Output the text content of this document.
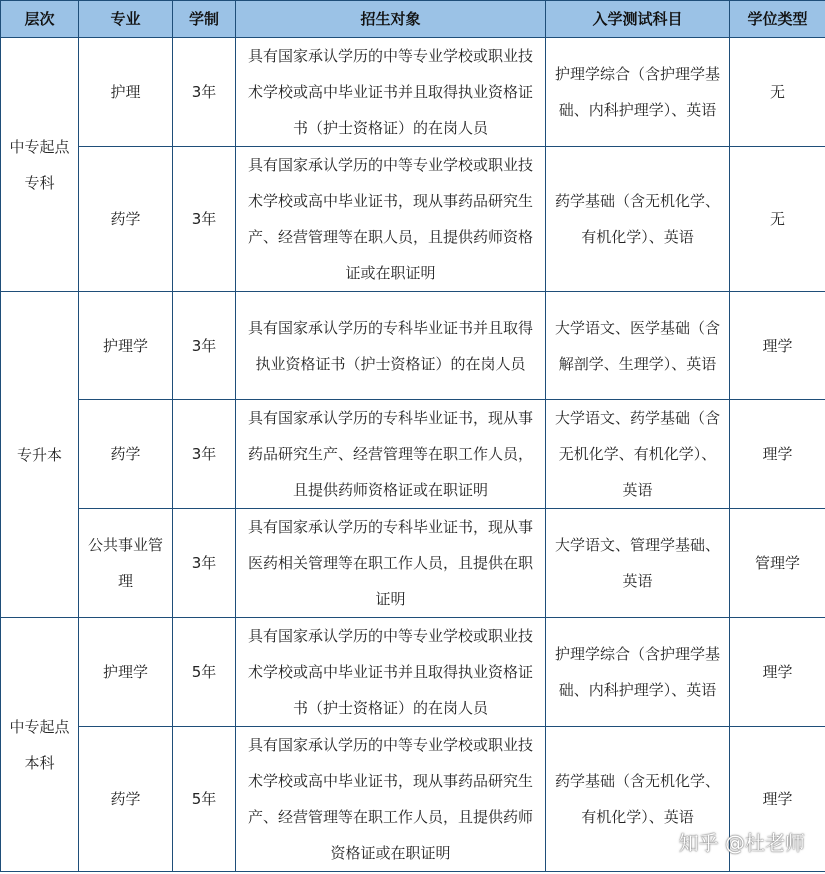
层次	专业	学制	招生对象	入学测试科目	学位类型
中专起点专科	护理	3年	具有国家承认学历的中等专业学校或职业技术学校或高中毕业证书并且取得执业资格证书（护士资格证）的在岗人员	护理学综合（含护理学基础、内科护理学）、英语	无
	药学	3年	具有国家承认学历的中等专业学校或职业技术学校或高中毕业证书，现从事药品研究生产、经营管理等在职人员，且提供药师资格证或在职证明	药学基础（含无机化学、有机化学）、英语	无
专升本	护理学	3年	具有国家承认学历的专科毕业证书并且取得执业资格证书（护士资格证）的在岗人员	大学语文、医学基础（含解剖学、生理学）、英语	理学
	药学	3年	具有国家承认学历的专科毕业证书，现从事药品研究生产、经营管理等在职工作人员，且提供药师资格证或在职证明	大学语文、药学基础（含无机化学、有机化学）、英语	理学
	公共事业管理	3年	具有国家承认学历的专科毕业证书，现从事医药相关管理等在职工作人员，且提供在职证明	大学语文、管理学基础、英语	管理学
中专起点本科	护理学	5年	具有国家承认学历的中等专业学校或职业技术学校或高中毕业证书并且取得执业资格证书（护士资格证）的在岗人员	护理学综合（含护理学基础、内科护理学）、英语	理学
	药学	5年	具有国家承认学历的中等专业学校或职业技术学校或高中毕业证书，现从事药品研究生产、经营管理等在职工作人员，且提供药师资格证或在职证明	药学基础（含无机化学、有机化学）、英语	理学
知乎 @杜老师
